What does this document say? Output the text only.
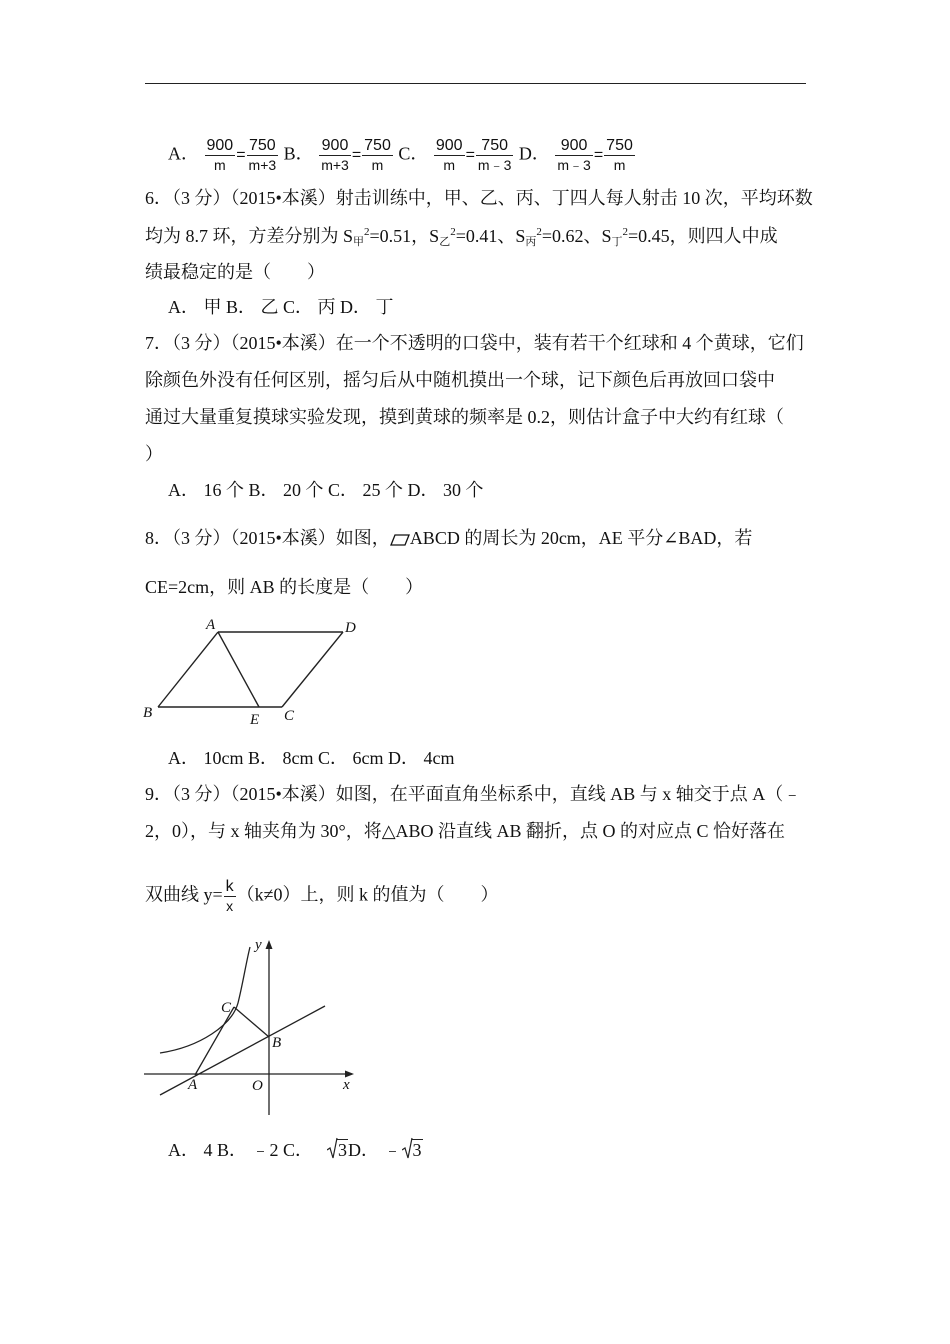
A． $\frac{900}{m} = \frac{750}{m+3}$ B． $\frac{900}{m+3} = \frac{750}{m}$ C． $\frac{900}{m} = \frac{750}{m﹣3}$ D． $\frac{900}{m﹣3} = \frac{750}{m}$
6．（3 分）（2015•本溪）射击训练中，甲、乙、丙、丁四人每人射击 10 次，平均环数
均为 8.7 环，方差分别为 S甲$^2$=0.51，S乙$^2$=0.41、S丙$^2$=0.62、S丁$^2$=0.45，则四人中成
绩最稳定的是（　　）
A． 甲 B． 乙 C． 丙 D． 丁
7．（3 分）（2015•本溪）在一个不透明的口袋中，装有若干个红球和 4 个黄球，它们
除颜色外没有任何区别，摇匀后从中随机摸出一个球，记下颜色后再放回口袋中
通过大量重复摸球实验发现，摸到黄球的频率是 0.2，则估计盒子中大约有红球（
）
A． 16 个 B． 20 个 C． 25 个 D． 30 个
8．（3 分）（2015•本溪）如图， ABCD 的周长为 20cm，AE 平分∠BAD，若
CE=2cm，则 AB 的长度是（　　）
A	D
B	E C
A． 10cm B． 8cm C． 6cm D． 4cm
9．（3 分）（2015•本溪）如图，在平面直角坐标系中，直线 AB 与 x 轴交于点 A（﹣
2，0），与 x 轴夹角为 30°，将△ABO 沿直线 AB 翻折，点 O 的对应点 C 恰好落在
双曲线 $y= \frac{k}{x} (k\ne 0)$上，则 k 的值为（　　）
y
C
B
A	O	x
A． 4 B． ﹣2 C． 3D． ﹣ 3
